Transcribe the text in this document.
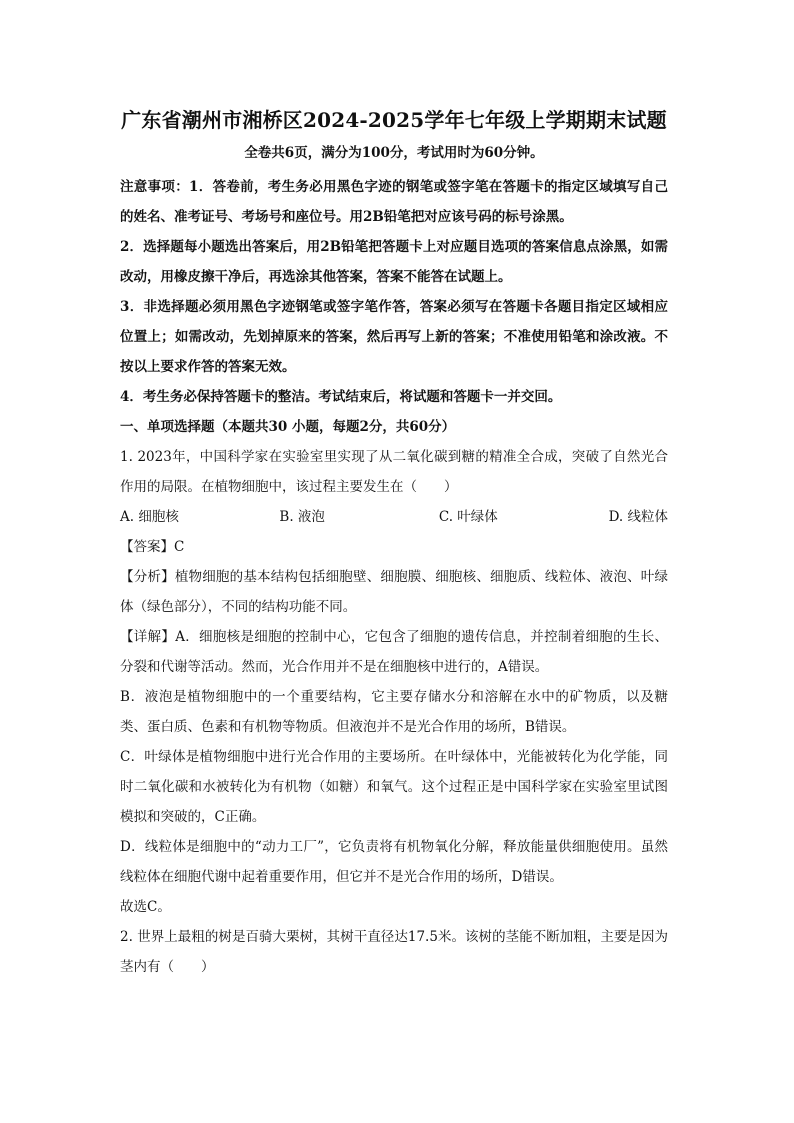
广东省潮州市湘桥区2024-2025学年七年级上学期期末试题
全卷共6页，满分为100分，考试用时为60分钟。

注意事项：1．答卷前，考生务必用黑色字迹的钢笔或签字笔在答题卡的指定区域填写自己的姓名、准考证号、考场号和座位号。用2B铅笔把对应该号码的标号涂黑。

2．选择题每小题选出答案后，用2B铅笔把答题卡上对应题目选项的答案信息点涂黑，如需改动，用橡皮擦干净后，再选涂其他答案，答案不能答在试题上。

3．非选择题必须用黑色字迹钢笔或签字笔作答，答案必须写在答题卡各题目指定区域相应位置上；如需改动，先划掉原来的答案，然后再写上新的答案；不准使用铅笔和涂改液。不按以上要求作答的答案无效。

4．考生务必保持答题卡的整洁。考试结束后，将试题和答题卡一并交回。

一、单项选择题（本题共30 小题，每题2分，共60分）

1. 2023年，中国科学家在实验室里实现了从二氧化碳到糖的精准全合成，突破了自然光合作用的局限。在植物细胞中，该过程主要发生在（　　）

A. 细胞核	B. 液泡	C. 叶绿体	D. 线粒体

【答案】C

【分析】植物细胞的基本结构包括细胞壁、细胞膜、细胞核、细胞质、线粒体、液泡、叶绿体（绿色部分），不同的结构功能不同。

【详解】A．细胞核是细胞的控制中心，它包含了细胞的遗传信息，并控制着细胞的生长、分裂和代谢等活动。然而，光合作用并不是在细胞核中进行的，A错误。

B．液泡是植物细胞中的一个重要结构，它主要存储水分和溶解在水中的矿物质，以及糖类、蛋白质、色素和有机物等物质。但液泡并不是光合作用的场所，B错误。

C．叶绿体是植物细胞中进行光合作用的主要场所。在叶绿体中，光能被转化为化学能，同时二氧化碳和水被转化为有机物（如糖）和氧气。这个过程正是中国科学家在实验室里试图模拟和突破的，C正确。

D．线粒体是细胞中的“动力工厂”，它负责将有机物氧化分解，释放能量供细胞使用。虽然线粒体在细胞代谢中起着重要作用，但它并不是光合作用的场所，D错误。

故选C。

2. 世界上最粗的树是百骑大栗树，其树干直径达17.5米。该树的茎能不断加粗，主要是因为茎内有（　　）
